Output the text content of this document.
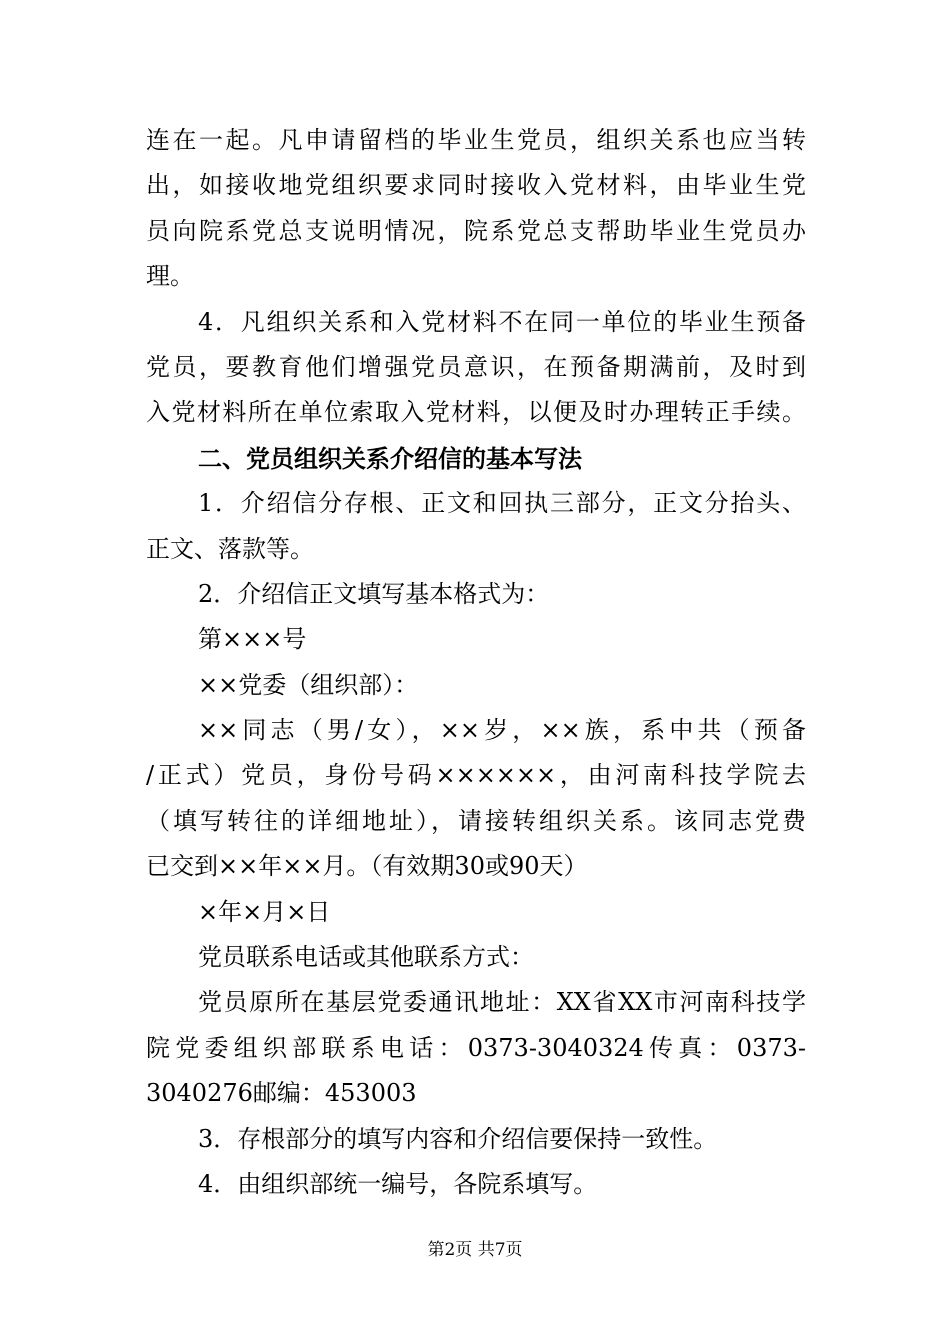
连在一起。凡申请留档的毕业生党员，组织关系也应当转
出，如接收地党组织要求同时接收入党材料，由毕业生党
员向院系党总支说明情况，院系党总支帮助毕业生党员办
理。
4．凡组织关系和入党材料不在同一单位的毕业生预备
党员，要教育他们增强党员意识，在预备期满前，及时到
入党材料所在单位索取入党材料，以便及时办理转正手续。
二、党员组织关系介绍信的基本写法
1．介绍信分存根、正文和回执三部分，正文分抬头、
正文、落款等。
2．介绍信正文填写基本格式为：
第×××号
××党委（组织部）：
××同志（男/女），××岁，××族，系中共（预备
/正式）党员，身份号码××××××，由河南科技学院去
（填写转往的详细地址），请接转组织关系。该同志党费
已交到××年××月。（有效期30或90天）
×年×月×日
党员联系电话或其他联系方式：
党员原所在基层党委通讯地址：XX省XX市河南科技学
院党委组织部联系电话：0373-3040324传真：0373-
3040276邮编：453003
3．存根部分的填写内容和介绍信要保持一致性。
4．由组织部统一编号，各院系填写。
第2页 共7页
